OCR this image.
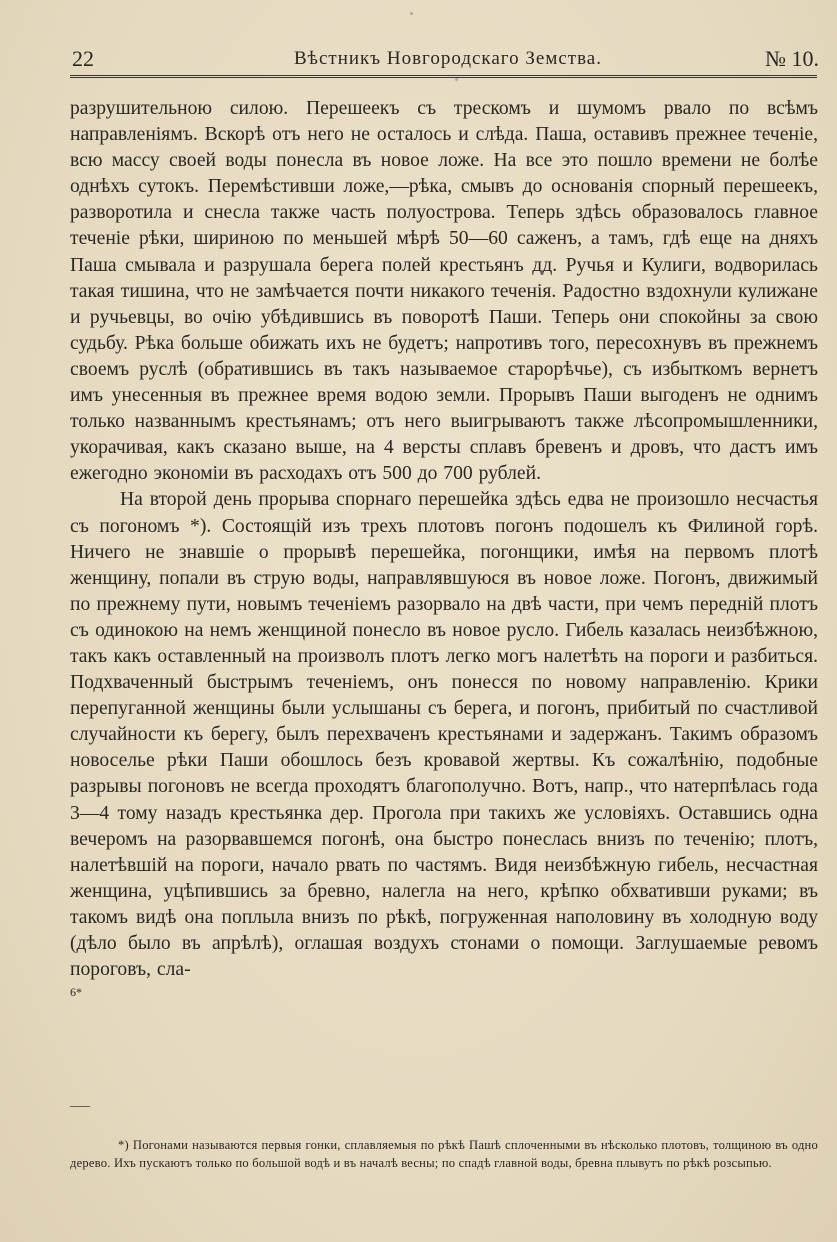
22	Вѣстникъ Новгородскаго Земства.	№ 10.

разрушительною силою. Перешеекъ съ трескомъ и шумомъ рвало по всѣмъ направленіямъ. Вскорѣ отъ него не осталось и слѣда. Паша, оставивъ прежнее теченіе, всю массу своей воды понесла въ новое ложе. На все это пошло времени не болѣе однѣхъ сутокъ. Перемѣстивши ложе,—рѣка, смывъ до основанія спорный перешеекъ, разворотила и снесла также часть полуострова. Теперь здѣсь образовалось главное теченіе рѣки, шириною по меньшей мѣрѣ 50—60 саженъ, а тамъ, гдѣ еще на дняхъ Паша смывала и разрушала берега полей крестьянъ дд. Ручья и Кулиги, водворилась такая тишина, что не замѣчается почти никакого теченія. Радостно вздохнули кулижане и ручьевцы, во очію убѣдившись въ поворотѣ Паши. Теперь они спокойны за свою судьбу. Рѣка больше обижать ихъ не будетъ; напротивъ того, пересохнувъ въ прежнемъ своемъ руслѣ (обратившись въ такъ называемое старорѣчье), съ избыткомъ вернетъ имъ унесенныя въ прежнее время водою земли. Прорывъ Паши выгоденъ не однимъ только названнымъ крестьянамъ; отъ него выигрываютъ также лѣсопромышленники, укорачивая, какъ сказано выше, на 4 версты сплавъ бревенъ и дровъ, что дастъ имъ ежегодно экономіи въ расходахъ отъ 500 до 700 рублей.

На второй день прорыва спорнаго перешейка здѣсь едва не произошло несчастья съ погономъ *). Состоящій изъ трехъ плотовъ погонъ подошелъ къ Филиной горѣ. Ничего не знавшіе о прорывѣ перешейка, погонщики, имѣя на первомъ плотѣ женщину, попали въ струю воды, направлявшуюся въ новое ложе. Погонъ, движимый по прежнему пути, новымъ теченіемъ разорвало на двѣ части, при чемъ передній плотъ съ одинокою на немъ женщиной понесло въ новое русло. Гибель казалась неизбѣжною, такъ какъ оставленный на произволъ плотъ легко могъ налетѣть на пороги и разбиться. Подхваченный быстрымъ теченіемъ, онъ понесся по новому направленію. Крики перепуганной женщины были услышаны съ берега, и погонъ, прибитый по счастливой случайности къ берегу, былъ перехваченъ крестьянами и задержанъ. Такимъ образомъ новоселье рѣки Паши обошлось безъ кровавой жертвы. Къ сожалѣнію, подобные разрывы погоновъ не всегда проходятъ благополучно. Вотъ, напр., что натерпѣлась года 3—4 тому назадъ крестьянка дер. Прогола при такихъ же условіяхъ. Оставшись одна вечеромъ на разорвавшемся погонѣ, она быстро понеслась внизъ по теченію; плотъ, налетѣвшій на пороги, началo рвать по частямъ. Видя неизбѣжную гибель, несчастная женщина, уцѣпившись за бревно, налегла на него, крѣпко обхвативши руками; въ такомъ видѣ она поплыла внизъ по рѣкѣ, погруженная наполовину въ холодную воду (дѣло было въ апрѣлѣ), оглашая воздухъ стонами о помощи. Заглушаемые ревомъ пороговъ, сла-

6*

*) Погонами называются первыя гонки, сплавляемыя по рѣкѣ Пашѣ сплоченными въ нѣсколько плотовъ, толщиною въ одно дерево. Ихъ пускаютъ только по большой водѣ и въ началѣ весны; по спадѣ главной воды, бревна плывутъ по рѣкѣ розсыпью.
